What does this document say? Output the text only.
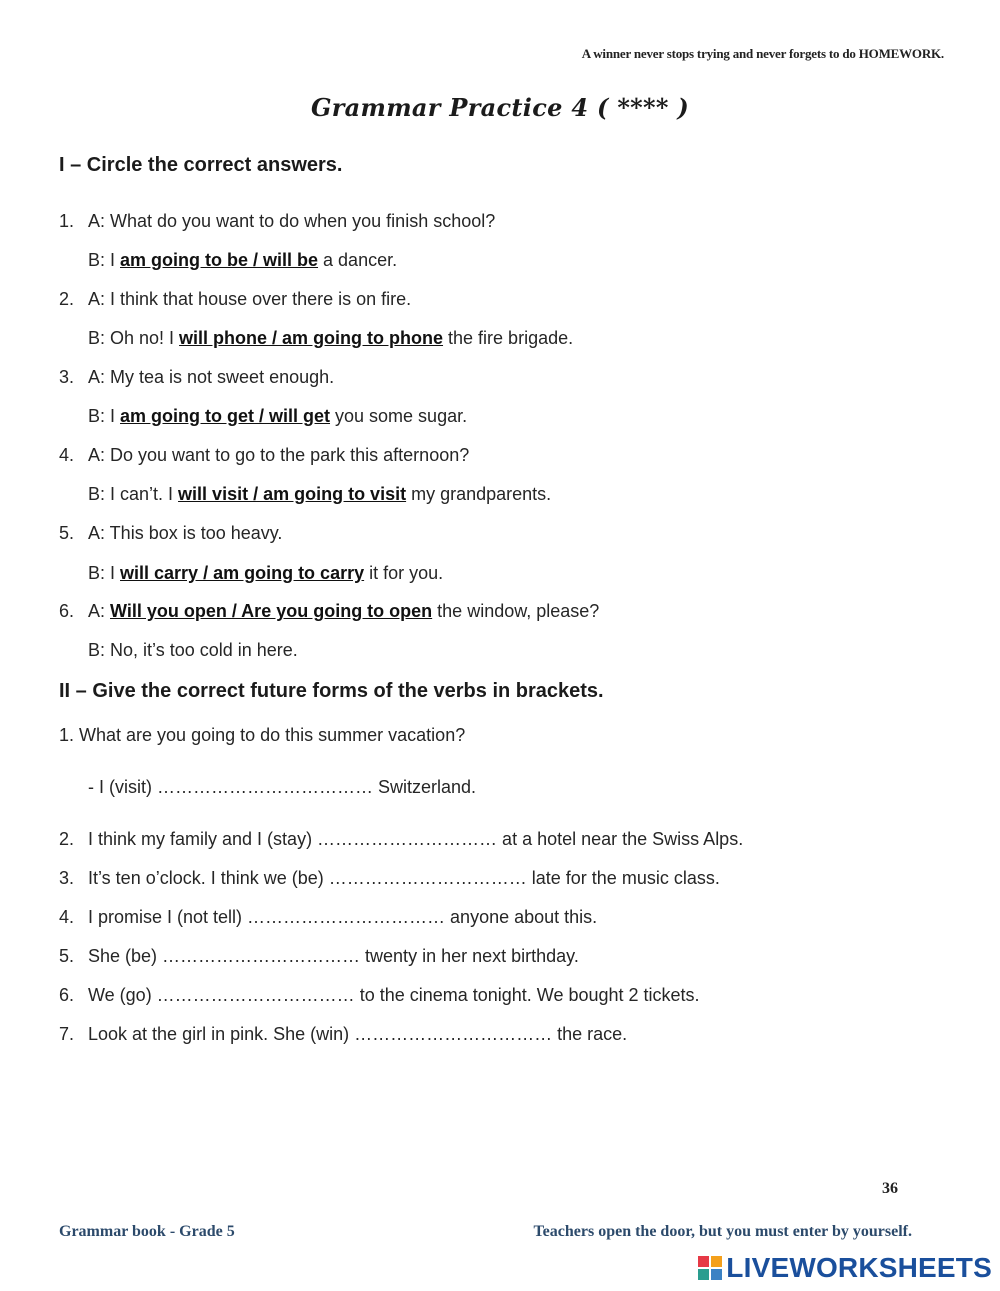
A winner never stops trying and never forgets to do HOMEWORK.
Grammar Practice 4 ( **** )
I – Circle the correct answers.
1. A: What do you want to do when you finish school?
B: I am going to be / will be a dancer.
2. A: I think that house over there is on fire.
B: Oh no! I will phone / am going to phone the fire brigade.
3. A: My tea is not sweet enough.
B: I am going to get / will get you some sugar.
4. A: Do you want to go to the park this afternoon?
B: I can’t. I will visit / am going to visit my grandparents.
5. A: This box is too heavy.
B: I will carry / am going to carry it for you.
6. A: Will you open / Are you going to open the window, please?
B: No, it’s too cold in here.
II – Give the correct future forms of the verbs in brackets.
1. What are you going to do this summer vacation?
- I (visit) ……………………………… Switzerland.
2. I think my family and I (stay) ………………………… at a hotel near the Swiss Alps.
3. It’s ten o’clock. I think we (be) …………………………… late for the music class.
4. I promise I (not tell) …………………………… anyone about this.
5. She (be) …………………………… twenty in her next birthday.
6. We (go) …………………………… to the cinema tonight. We bought 2 tickets.
7. Look at the girl in pink. She (win) …………………………… the race.
36
Grammar book - Grade 5	Teachers open the door, but you must enter by yourself.
LIVEWORKSHEETS
